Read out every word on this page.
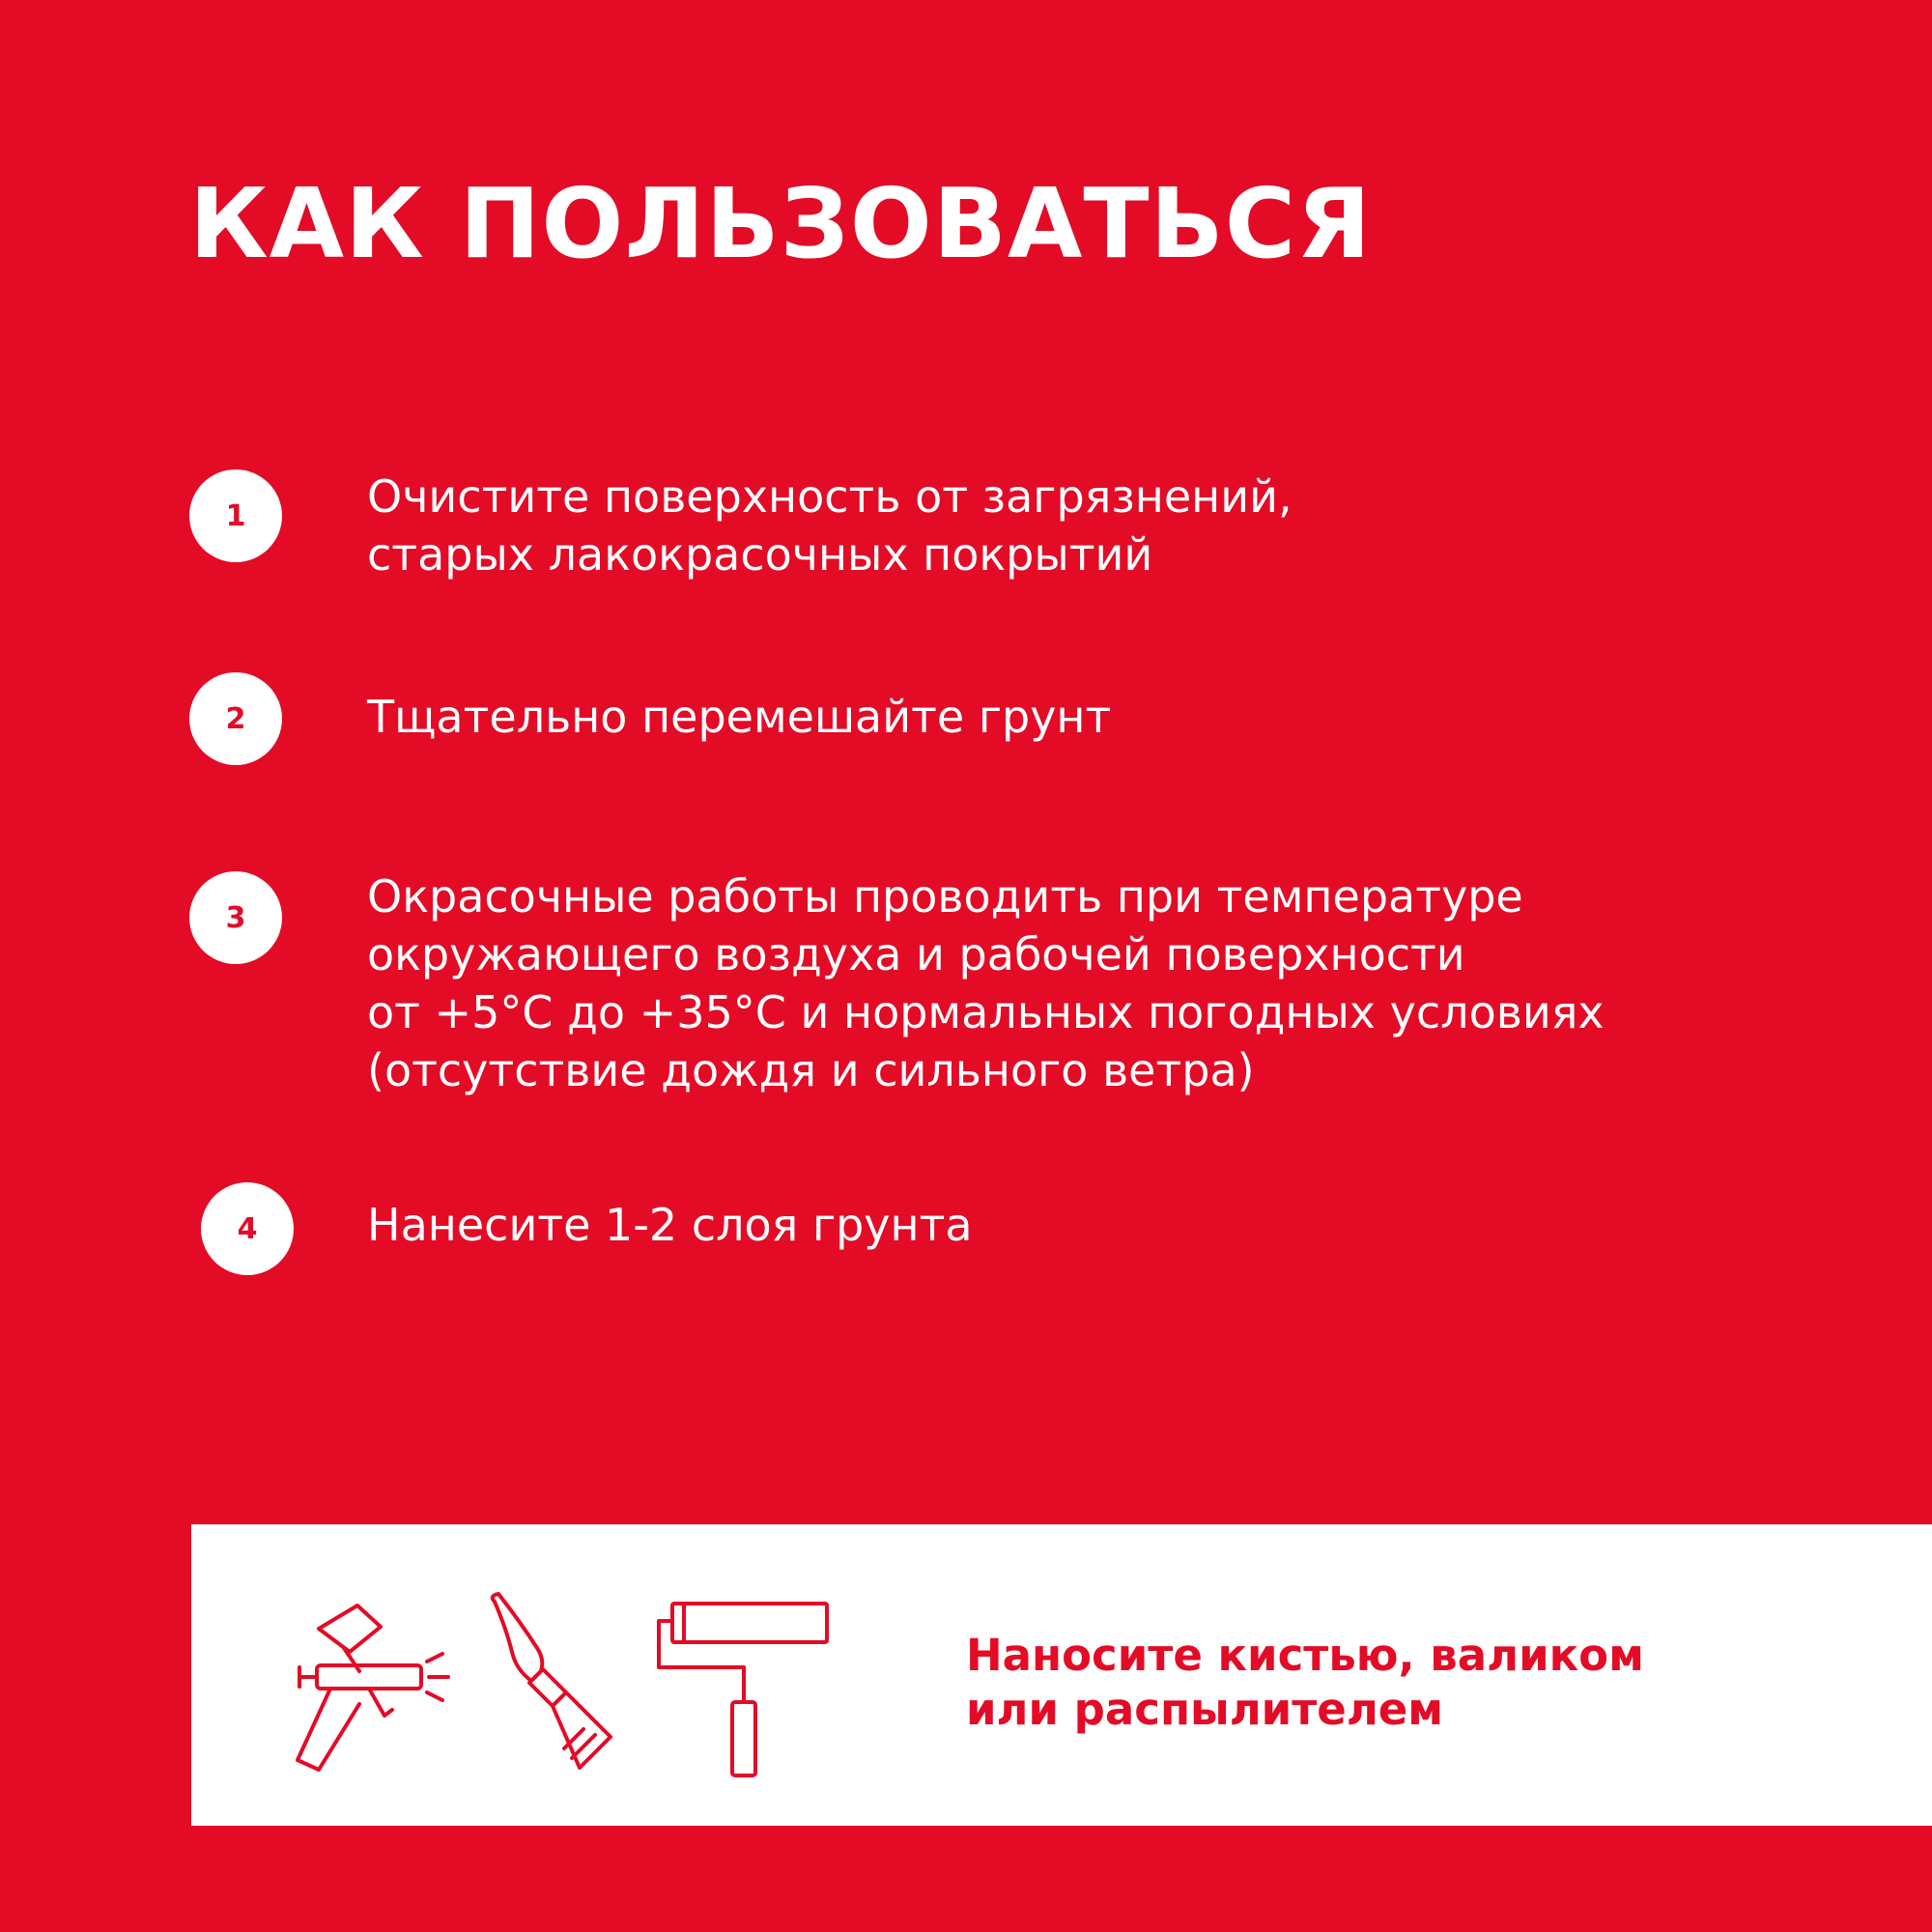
КАК ПОЛЬЗОВАТЬСЯ
1	Очистите поверхность от загрязнений,
старых лакокрасочных покрытий

2	Тщательно перемешайте грунт

3	Окрасочные работы проводить при температуре
окружающего воздуха и рабочей поверхности
от +5°С до +35°С и нормальных погодных условиях
(отсутствие дождя и сильного ветра)

4	Нанесите 1-2 слоя грунта

Наносите кистью, валиком
или распылителем
